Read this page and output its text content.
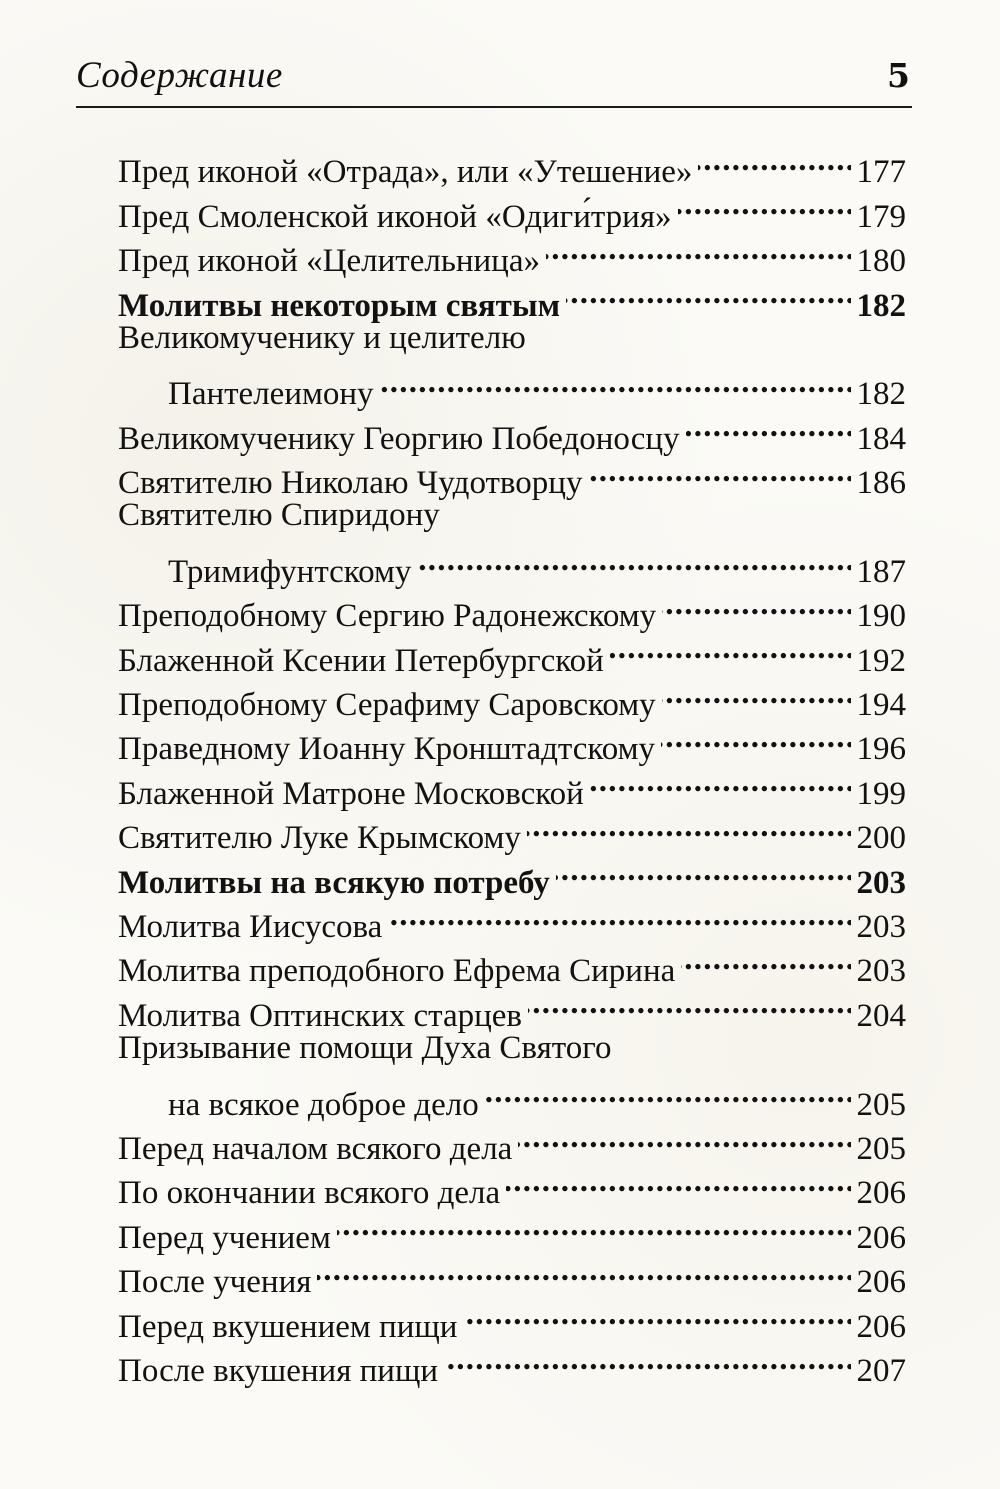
Содержание	5
Пред иконой «Отрада», или «Утешение» . . .	177
Пред Смоленской иконой «Одиги́трия» . . .	179
Пред иконой «Целительница» . . .	180
Молитвы некоторым святым . . .	182
Великомученику и целителю
Пантелеимону . . .	182
Великомученику Георгию Победоносцу . . .	184
Святителю Николаю Чудотворцу . . .	186
Святителю Спиридону
Тримифунтскому . . .	187
Преподобному Сергию Радонежскому . . .	190
Блаженной Ксении Петербургской . . .	192
Преподобному Серафиму Саровскому . . .	194
Праведному Иоанну Кронштадтскому . . .	196
Блаженной Матроне Московской . . .	199
Святителю Луке Крымскому . . .	200
Молитвы на всякую потребу . . .	203
Молитва Иисусова . . .	203
Молитва преподобного Ефрема Сирина . . .	203
Молитва Оптинских старцев . . .	204
Призывание помощи Духа Святого
на всякое доброе дело . . .	205
Перед началом всякого дела . . .	205
По окончании всякого дела . . .	206
Перед учением . . .	206
После учения . . .	206
Перед вкушением пищи . . .	206
После вкушения пищи . . .	207
